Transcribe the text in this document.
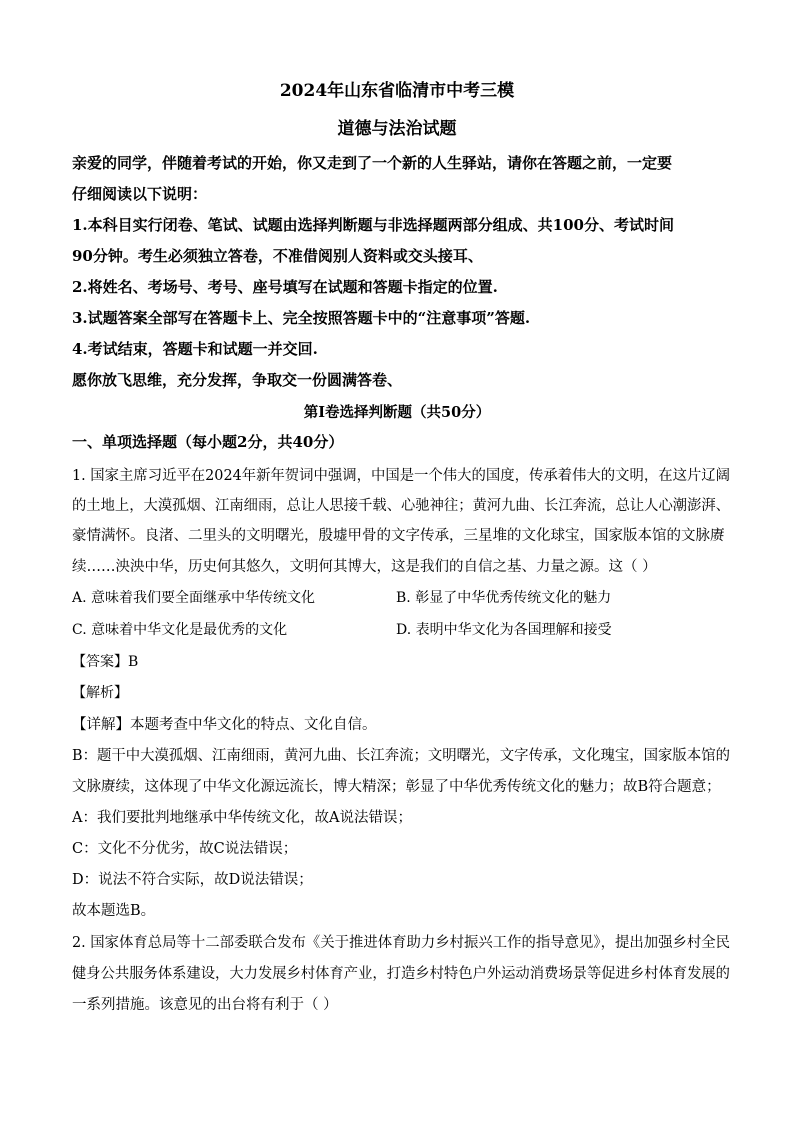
2024年山东省临清市中考三模
道德与法治试题
亲爱的同学，伴随着考试的开始，你又走到了一个新的人生驿站，请你在答题之前，一定要
仔细阅读以下说明：
1.本科目实行闭卷、笔试、试题由选择判断题与非选择题两部分组成、共100分、考试时间
90分钟。考生必须独立答卷，不准借阅别人资料或交头接耳、
2.将姓名、考场号、考号、座号填写在试题和答题卡指定的位置.
3.试题答案全部写在答题卡上、完全按照答题卡中的“注意事项”答题.
4.考试结束，答题卡和试题一并交回.
愿你放飞思维，充分发挥，争取交一份圆满答卷、
第Ⅰ卷选择判断题（共50分）
一、单项选择题（每小题2分，共40分）
1. 国家主席习近平在2024年新年贺词中强调，中国是一个伟大的国度，传承着伟大的文明，在这片辽阔
的土地上，大漠孤烟、江南细雨，总让人思接千载、心驰神往；黄河九曲、长江奔流，总让人心潮澎湃、
豪情满怀。良渚、二里头的文明曙光，殷墟甲骨的文字传承，三星堆的文化球宝，国家版本馆的文脉赓
续……泱泱中华，历史何其悠久，文明何其博大，这是我们的自信之基、力量之源。这（ ）
A. 意味着我们要全面继承中华传统文化	B. 彰显了中华优秀传统文化的魅力
C. 意味着中华文化是最优秀的文化	D. 表明中华文化为各国理解和接受
【答案】B
【解析】
【详解】本题考查中华文化的特点、文化自信。
B：题干中大漠孤烟、江南细雨，黄河九曲、长江奔流；文明曙光，文字传承，文化瑰宝，国家版本馆的
文脉赓续，这体现了中华文化源远流长，博大精深；彰显了中华优秀传统文化的魅力；故B符合题意；
A：我们要批判地继承中华传统文化，故A说法错误；
C：文化不分优劣，故C说法错误；
D：说法不符合实际，故D说法错误；
故本题选B。
2. 国家体育总局等十二部委联合发布《关于推进体育助力乡村振兴工作的指导意见》，提出加强乡村全民
健身公共服务体系建设，大力发展乡村体育产业，打造乡村特色户外运动消费场景等促进乡村体育发展的
一系列措施。该意见的出台将有利于（ ）
